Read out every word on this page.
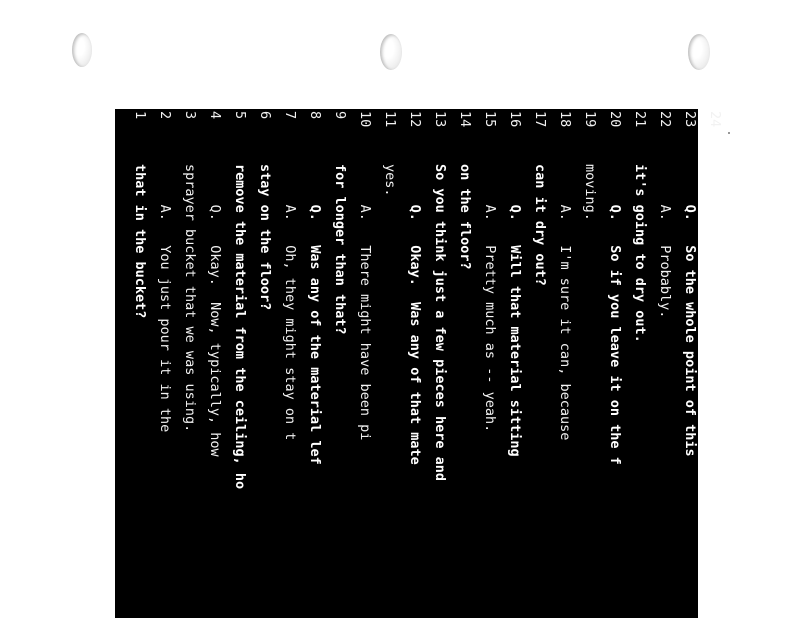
1
that in the bucket?
2
A.   You just pour it in the
3
sprayer bucket that we was using.
4
Q.   Okay.  Now, typically, how
5
remove the material from the ceiling, ho
6
stay on the floor?
7
A.   Oh, they might stay on t
8
Q.   Was any of the material lef
9
for longer than that?
10
A.   There might have been pi
11
yes.
12
Q.   Okay.  Was any of that mate
13
So you think just a few pieces here and
14
on the floor?
15
A.   Pretty much as -- yeah.
16
Q.   Will that material sitting
17
can it dry out?
18
A.   I'm sure it can, because
19
moving.
20
Q.   So if you leave it on the f
21
it's going to dry out.
22
A.   Probably.
23
Q.   So the whole point of this
24
get it in the barrels with water before
